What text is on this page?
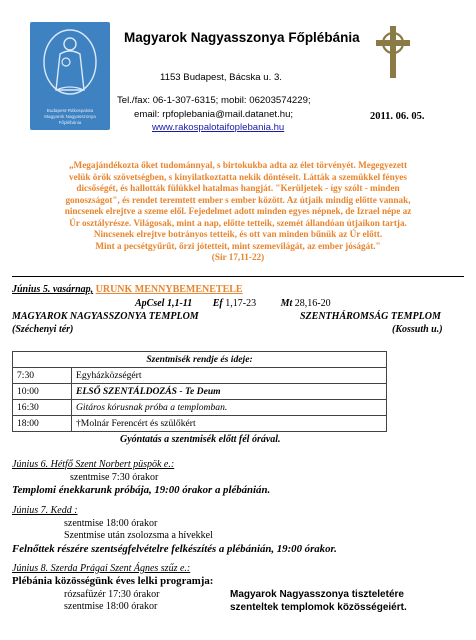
Budapest-Rákospalota
Magyarok Nagyasszonya
Főplébánia
Magyarok Nagyasszonya Főplébánia
1153 Budapest, Bácska u. 3.
Tel./fax: 06-1-307-6315; mobil: 06203574229;
email: rpfoplebania@mail.datanet.hu;
www.rakospalotaifoplebania.hu
2011. 06. 05.

„Megajándékozta őket tudománnyal, s birtokukba adta az élet törvényét. Megegyezett

velük örök szövetségben, s kinyilatkoztatta nekik döntéseit. Látták a szemükkel fényes

dicsőségét, és hallották fülükkel hatalmas hangját. "Kerüljetek - így szólt - minden

gonoszságot", és rendet teremtett ember s ember között. Az útjaik mindig előtte vannak,

nincsenek elrejtve a szeme elől. Fejedelmet adott minden egyes népnek, de Izrael népe az

Úr osztályrésze. Világosak, mint a nap, előtte tetteik, szemét állandóan útjaikon tartja.

Nincsenek elrejtve botrányos tetteik, és ott van minden bűnük az Úr előtt.

Mint a pecsétgyűrűt, őrzi jótetteit, mint szemevilágát, az ember jóságát."

(Sir 17,11-22)

Június 5. vasárnap, URUNK MENNYBEMENETELE
ApCsel 1,1-11 Ef 1,17-23 Mt 28,16-20
MAGYAROK NAGYASSZONYA TEMPLOM
(Széchenyi tér)
SZENTHÁROMSÁG TEMPLOM
(Kossuth u.)
Szentmisék rendje és ideje:	
7:30	Egyházközségért
10:00	ELSŐ SZENTÁLDOZÁS - Te Deum
16:30	Gitáros kórusnak próba a templomban.
18:00	†Molnár Ferencért és szülőkért
Gyóntatás a szentmisék előtt fél órával.
Június 6. Hétfő Szent Norbert püspök e.:
szentmise 7:30 órakor
Templomi énekkarunk próbája, 19:00 órakor a plébánián.
Június 7. Kedd :
szentmise 18:00 órakor
Szentmise után zsolozsma a hívekkel
Felnőttek részére szentségfelvételre felkészítés a plébánián, 19:00 órakor.
Június 8. Szerda Prágai Szent Ágnes szűz e.:
Plébánia közösségünk éves lelki programja:
rózsafüzér 17:30 órakor
szentmise 18:00 órakor
Magyarok Nagyasszonya tiszteletére
szenteltek templomok közösségeiért.
